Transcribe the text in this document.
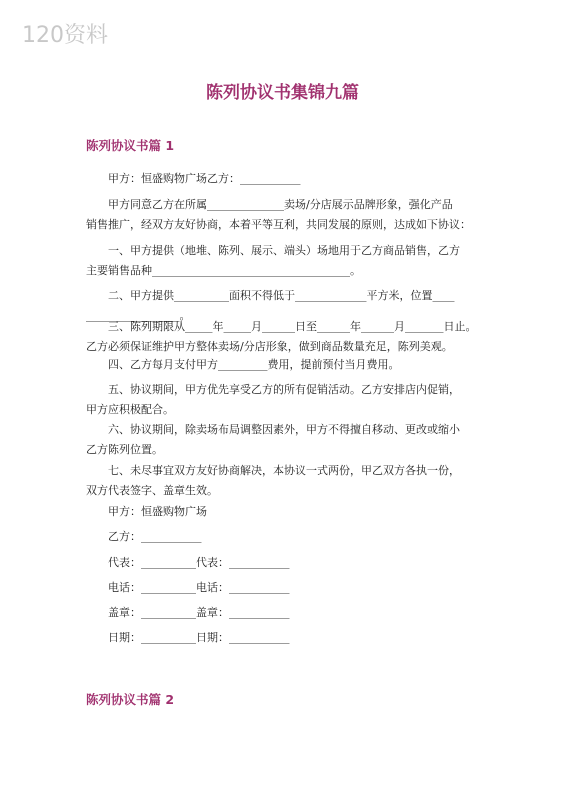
120资料
陈列协议书集锦九篇
陈列协议书篇 1
　　甲方：恒盛购物广场乙方：___________
　　甲方同意乙方在所属______________卖场/分店展示品牌形象，强化产品
销售推广，经双方友好协商，本着平等互利，共同发展的原则，达成如下协议：
　　一、甲方提供（地堆、陈列、展示、端头）场地用于乙方商品销售，乙方
主要销售品种____________________________________。
　　二、甲方提供__________面积不得低于_____________平方米，位置____
_________________。
　　三、陈列期限从_____年_____月______日至______年______月_______日止。
乙方必须保证维护甲方整体卖场/分店形象，做到商品数量充足，陈列美观。
　　四、乙方每月支付甲方_________费用，提前预付当月费用。
　　五、协议期间，甲方优先享受乙方的所有促销活动。乙方安排店内促销，
甲方应积极配合。
　　六、协议期间，除卖场布局调整因素外，甲方不得擅自移动、更改或缩小
乙方陈列位置。
　　七、未尽事宜双方友好协商解决，本协议一式两份，甲乙双方各执一份，
双方代表签字、盖章生效。
　　甲方：恒盛购物广场
　　乙方：___________
　　代表：__________代表：___________
　　电话：__________电话：___________
　　盖章：__________盖章：___________
　　日期：__________日期：___________
陈列协议书篇 2
